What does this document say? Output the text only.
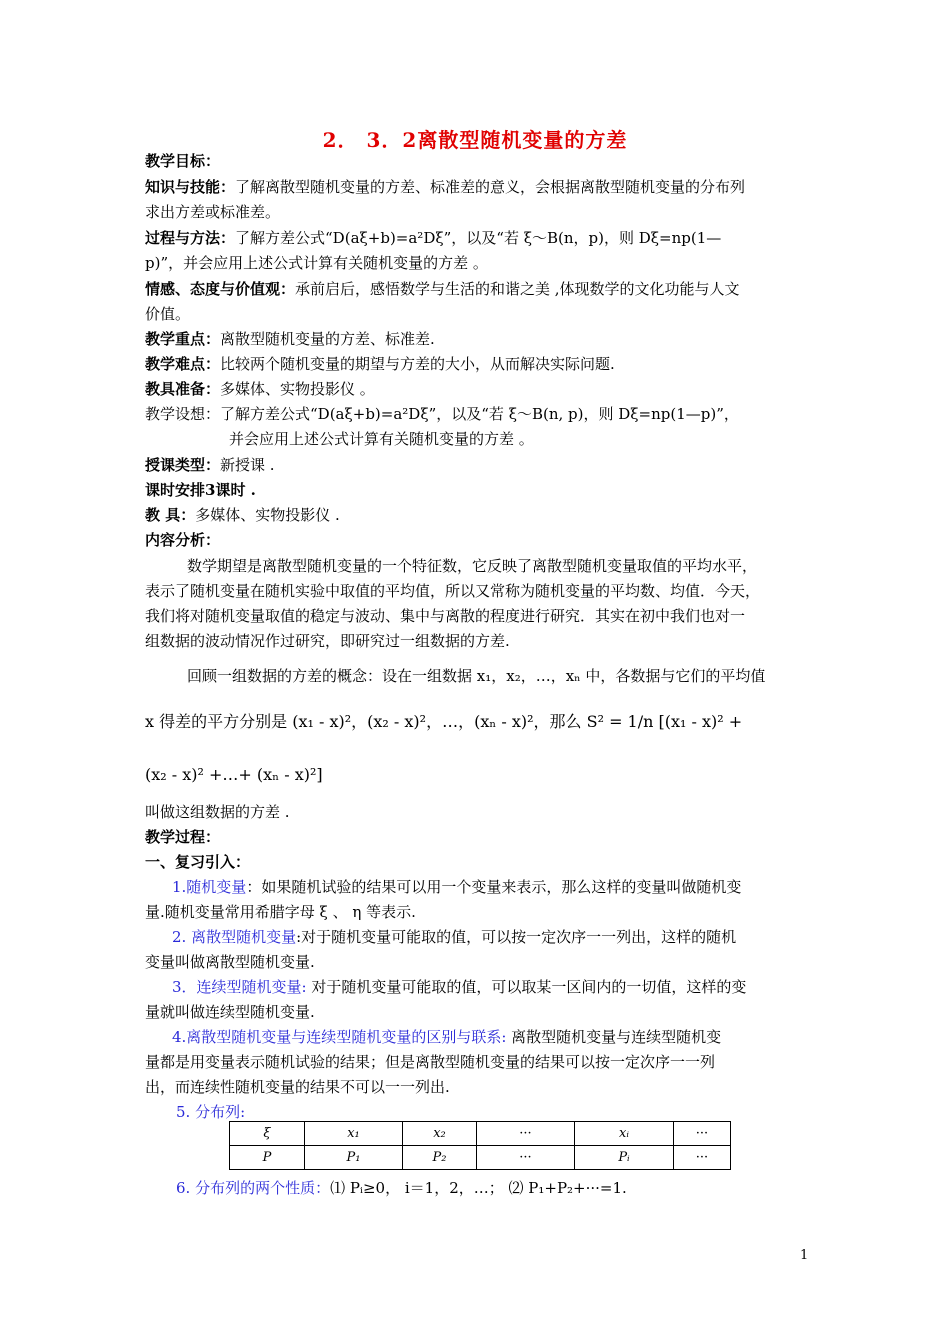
2． 3．2离散型随机变量的方差
教学目标：
知识与技能：了解离散型随机变量的方差、标准差的意义，会根据离散型随机变量的分布列
求出方差或标准差。
过程与方法：了解方差公式“D(aξ+b)=a²Dξ”，以及“若 ξ～B(n，p)，则 Dξ=np(1—
p)”，并会应用上述公式计算有关随机变量的方差 。
情感、态度与价值观：承前启后，感悟数学与生活的和谐之美 ,体现数学的文化功能与人文
价值。
教学重点：离散型随机变量的方差、标准差.
教学难点：比较两个随机变量的期望与方差的大小，从而解决实际问题.
教具准备：多媒体、实物投影仪 。
教学设想：了解方差公式“D(aξ+b)=a²Dξ”，以及“若 ξ～B(n, p)，则 Dξ=np(1—p)”，
并会应用上述公式计算有关随机变量的方差 。
授课类型：新授课 .
课时安排3课时 .
教 具：多媒体、实物投影仪 .
内容分析：
数学期望是离散型随机变量的一个特征数，它反映了离散型随机变量取值的平均水平，
表示了随机变量在随机实验中取值的平均值，所以又常称为随机变量的平均数、均值．今天，
我们将对随机变量取值的稳定与波动、集中与离散的程度进行研究．其实在初中我们也对一
组数据的波动情况作过研究，即研究过一组数据的方差.
回顾一组数据的方差的概念：设在一组数据 x₁，x₂，…，xₙ 中，各数据与它们的平均值
x 得差的平方分别是 (x₁ - x)²，(x₂ - x)²，…，(xₙ - x)²，那么 S² = 1/n [(x₁ - x)² +
(x₂ - x)² +…+ (xₙ - x)²]
叫做这组数据的方差 .
教学过程：
一、复习引入：
1.随机变量：如果随机试验的结果可以用一个变量来表示，那么这样的变量叫做随机变
量.随机变量常用希腊字母 ξ 、 η 等表示.
2. 离散型随机变量:对于随机变量可能取的值，可以按一定次序一一列出，这样的随机
变量叫做离散型随机变量.
3．连续型随机变量: 对于随机变量可能取的值，可以取某一区间内的一切值，这样的变
量就叫做连续型随机变量.
4.离散型随机变量与连续型随机变量的区别与联系: 离散型随机变量与连续型随机变
量都是用变量表示随机试验的结果；但是离散型随机变量的结果可以按一定次序一一列
出，而连续性随机变量的结果不可以一一列出.
5. 分布列:
ξ	x₁	x₂	···	xᵢ	···
P	P₁	P₂	···	Pᵢ	···
6. 分布列的两个性质：⑴ Pᵢ≥0， i＝1，2，…； ⑵ P₁+P₂+···=1.
1
